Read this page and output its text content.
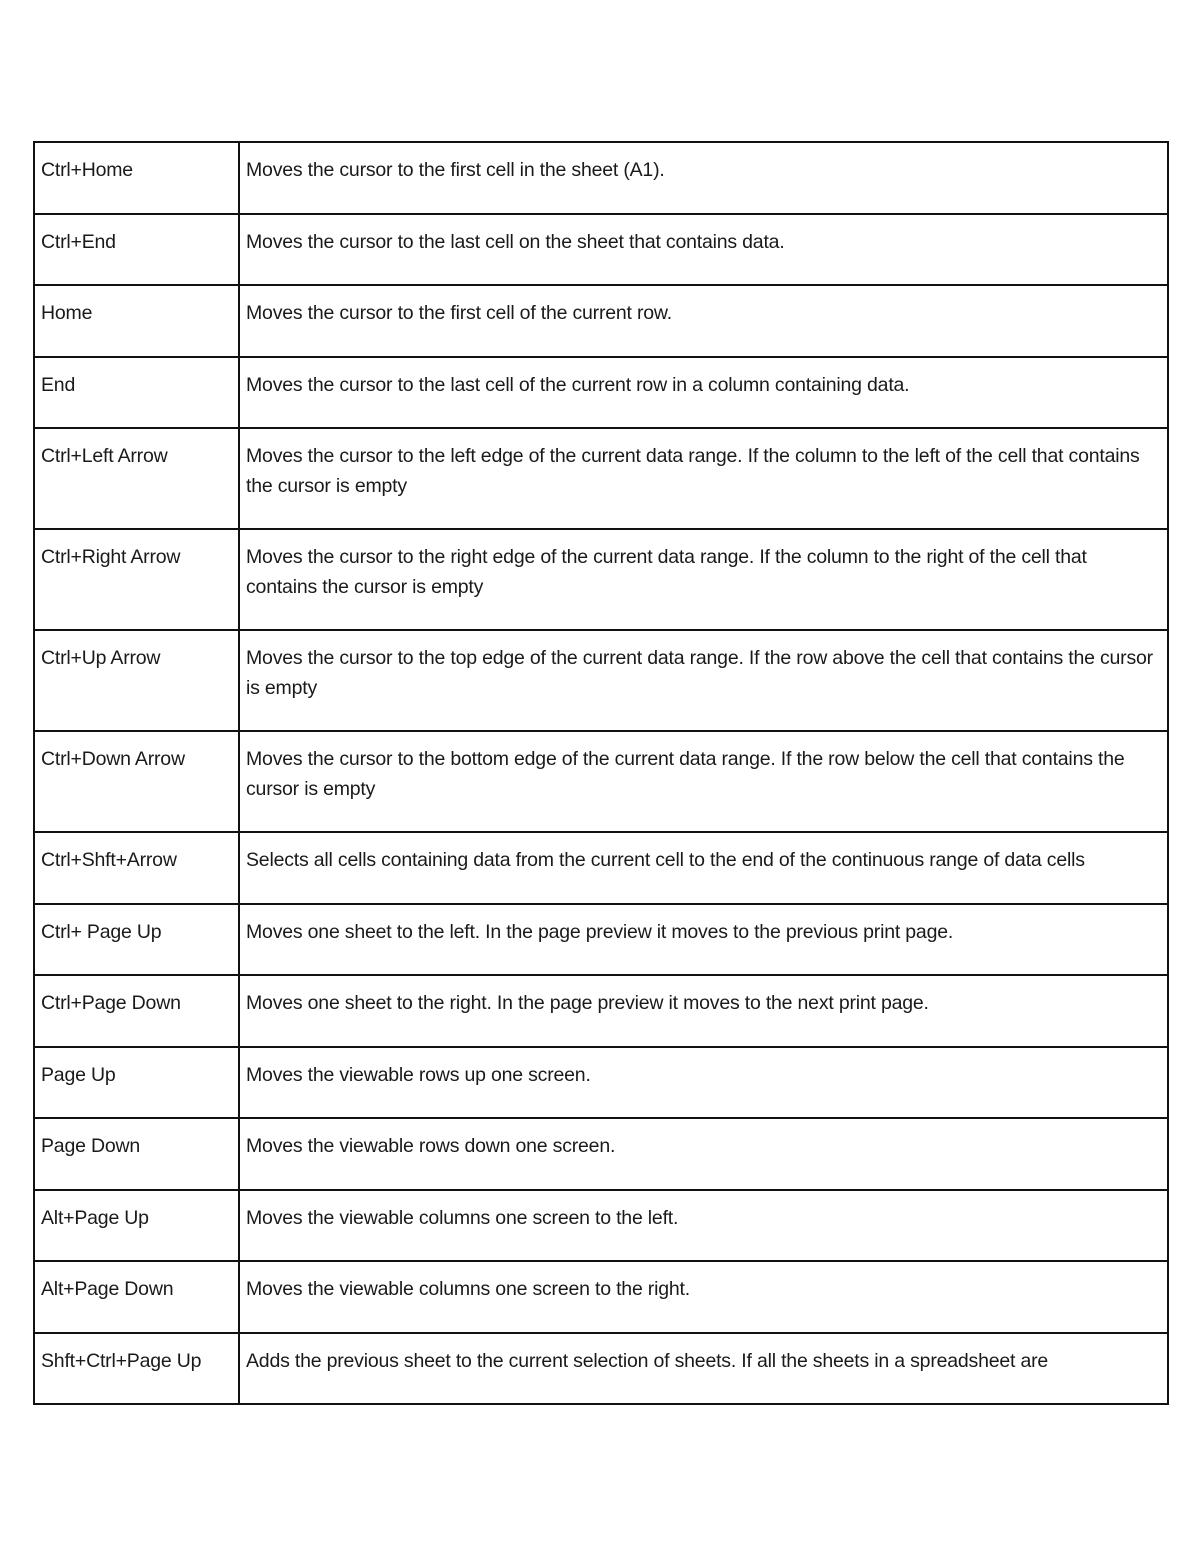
Ctrl+Home	Moves the cursor to the first cell in the sheet (A1).
Ctrl+End	Moves the cursor to the last cell on the sheet that contains data.
Home	Moves the cursor to the first cell of the current row.
End	Moves the cursor to the last cell of the current row in a column containing data.
Ctrl+Left Arrow	Moves the cursor to the left edge of the current data range. If the column to the left of the cell that contains the cursor is empty
Ctrl+Right Arrow	Moves the cursor to the right edge of the current data range. If the column to the right of the cell that contains the cursor is empty
Ctrl+Up Arrow	Moves the cursor to the top edge of the current data range. If the row above the cell that contains the cursor is empty
Ctrl+Down Arrow	Moves the cursor to the bottom edge of the current data range. If the row below the cell that contains the cursor is empty
Ctrl+Shft+Arrow	Selects all cells containing data from the current cell to the end of the continuous range of data cells
Ctrl+ Page Up	Moves one sheet to the left. In the page preview it moves to the previous print page.
Ctrl+Page Down	Moves one sheet to the right. In the page preview it moves to the next print page.
Page Up	Moves the viewable rows up one screen.
Page Down	Moves the viewable rows down one screen.
Alt+Page Up	Moves the viewable columns one screen to the left.
Alt+Page Down	Moves the viewable columns one screen to the right.
Shft+Ctrl+Page Up	Adds the previous sheet to the current selection of sheets. If all the sheets in a spreadsheet are
